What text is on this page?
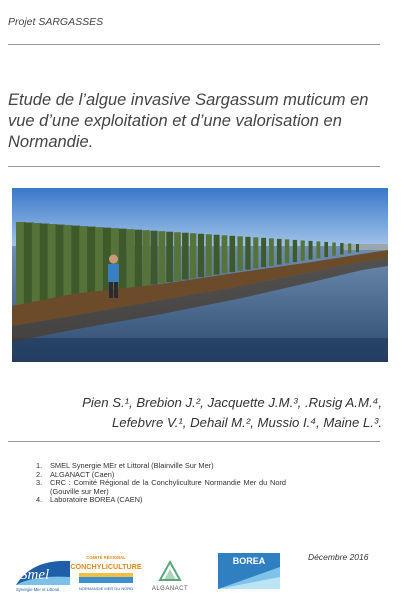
Projet SARGASSES
Etude de l’algue invasive Sargassum muticum en vue d’une exploitation et d’une valorisation en Normandie.
Pien S.¹, Brebion J.², Jacquette J.M.³, .Rusig A.M.⁴,
Lefebvre V.¹, Dehail M.², Mussio I.⁴, Maine L.³.
1.	SMEL Synergie MEr et Littoral (Blainville Sur Mer)
2.	ALGANACT (Caen)
3.	CRC : Comité Régional de la Conchyliculture Normandie Mer du Nord (Gouville sur Mer)
4.	Laboratoire BOREA (CAEN)
Décembre 2016
Smel
Synergie Mer et Littoral
COMITÉ RÉGIONAL
CONCHYLICULTURE
NORMANDIE MER DU NORD	ALGANACT
BOREA
